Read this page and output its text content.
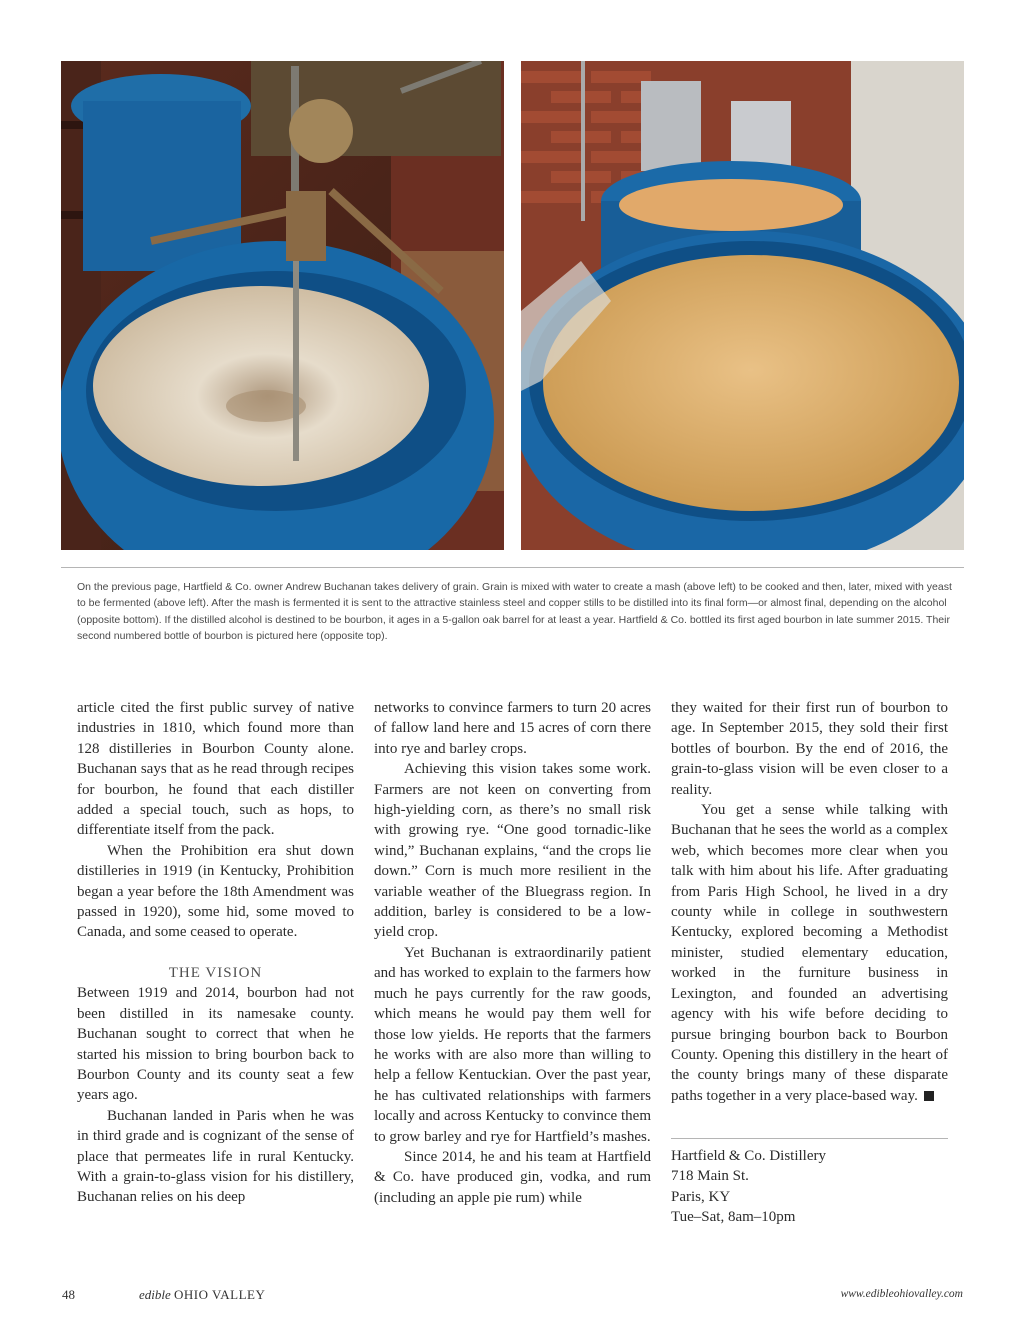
On the previous page, Hartfield & Co. owner Andrew Buchanan takes delivery of grain. Grain is mixed with water to create a mash (above left) to be cooked and then, later, mixed with yeast to be fermented (above left). After the mash is fermented it is sent to the attractive stainless steel and copper stills to be distilled into its final form—or almost final, depending on the alcohol (opposite bottom). If the distilled alcohol is destined to be bourbon, it ages in a 5-gallon oak barrel for at least a year. Hartfield & Co. bottled its first aged bourbon in late summer 2015. Their second numbered bottle of bourbon is pictured here (opposite top).

article cited the first public survey of native industries in 1810, which found more than 128 distilleries in Bourbon County alone. Buchanan says that as he read through recipes for bourbon, he found that each distiller added a special touch, such as hops, to differentiate itself from the pack.

When the Prohibition era shut down distilleries in 1919 (in Kentucky, Prohibition began a year before the 18th Amendment was passed in 1920), some hid, some moved to Canada, and some ceased to operate.

THE VISION

Between 1919 and 2014, bourbon had not been distilled in its namesake county. Buchanan sought to correct that when he started his mission to bring bourbon back to Bourbon County and its county seat a few years ago.

Buchanan landed in Paris when he was in third grade and is cognizant of the sense of place that permeates life in rural Kentucky. With a grain-to-glass vision for his distillery, Buchanan relies on his deep

networks to convince farmers to turn 20 acres of fallow land here and 15 acres of corn there into rye and barley crops.

Achieving this vision takes some work. Farmers are not keen on converting from high-yielding corn, as there’s no small risk with growing rye. “One good tornadic-like wind,” Buchanan explains, “and the crops lie down.” Corn is much more resilient in the variable weather of the Bluegrass region. In addition, barley is considered to be a low-yield crop.

Yet Buchanan is extraordinarily patient and has worked to explain to the farmers how much he pays currently for the raw goods, which means he would pay them well for those low yields. He reports that the farmers he works with are also more than willing to help a fellow Kentuckian. Over the past year, he has cultivated relationships with farmers locally and across Kentucky to convince them to grow barley and rye for Hartfield’s mashes.

Since 2014, he and his team at Hartfield & Co. have produced gin, vodka, and rum (including an apple pie rum) while

they waited for their first run of bourbon to age. In September 2015, they sold their first bottles of bourbon. By the end of 2016, the grain-to-glass vision will be even closer to a reality.

You get a sense while talking with Buchanan that he sees the world as a complex web, which becomes more clear when you talk with him about his life. After graduating from Paris High School, he lived in a dry county while in college in southwestern Kentucky, explored becoming a Methodist minister, studied elementary education, worked in the furniture business in Lexington, and founded an advertising agency with his wife before deciding to pursue bringing bourbon back to Bourbon County. Opening this distillery in the heart of the county brings many of these disparate paths together in a very place-based way.

Hartfield & Co. Distillery
718 Main St.
Paris, KY
Tue–Sat, 8am–10pm
48	edible OHIO VALLEY	www.edibleohiovalley.com
